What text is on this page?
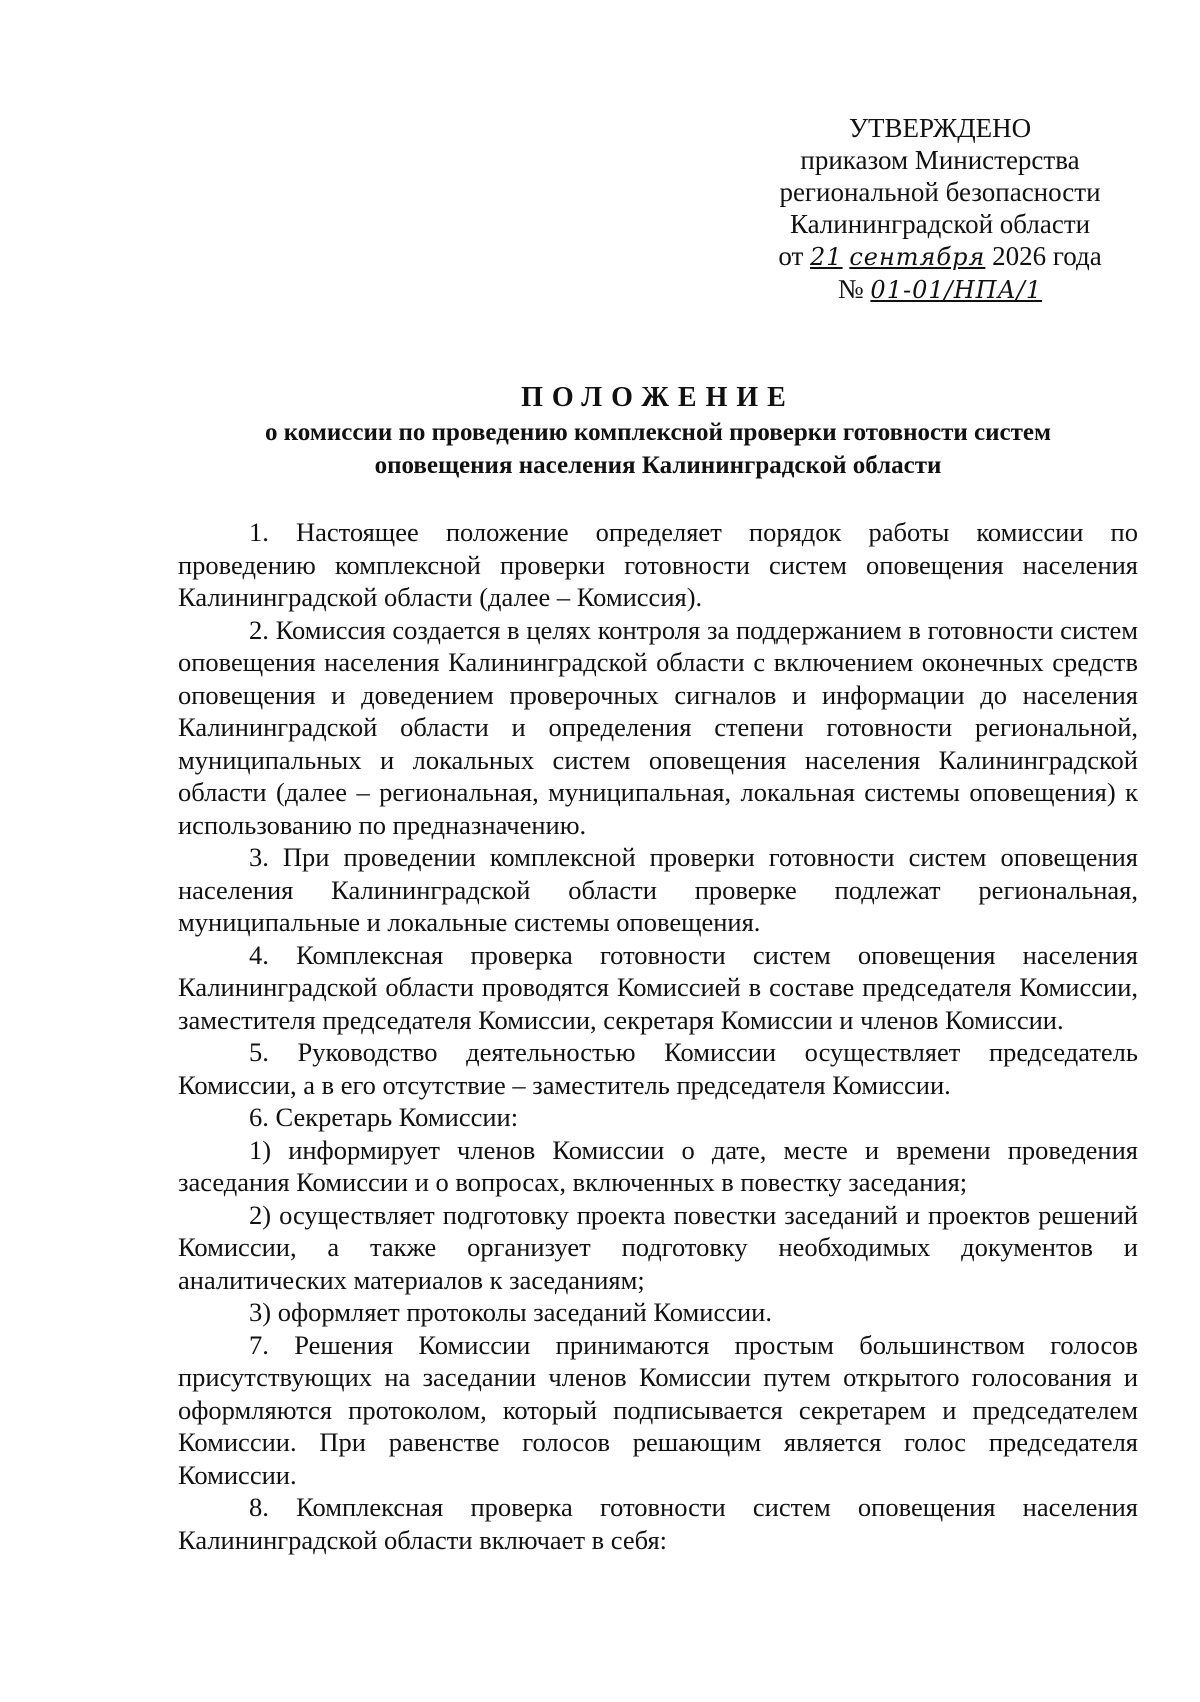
УТВЕРЖДЕНО
приказом Министерства
региональной безопасности
Калининградской области
от 21 сентября 2026 года
№ 01-01/НПА/1
ПОЛОЖЕНИЕ
о комиссии по проведению комплексной проверки готовности систем
оповещения населения Калининградской области

1. Настоящее положение определяет порядок работы комиссии по проведению комплексной проверки готовности систем оповещения населения Калининградской области (далее – Комиссия).

2. Комиссия создается в целях контроля за поддержанием в готовности систем оповещения населения Калининградской области с включением оконечных средств оповещения и доведением проверочных сигналов и информации до населения Калининградской области и определения степени готовности региональной, муниципальных и локальных систем оповещения населения Калининградской области (далее – региональная, муниципальная, локальная системы оповещения) к использованию по предназначению.

3. При проведении комплексной проверки готовности систем оповещения населения Калининградской области проверке подлежат региональная, муниципальные и локальные системы оповещения.

4. Комплексная проверка готовности систем оповещения населения Калининградской области проводятся Комиссией в составе председателя Комиссии, заместителя председателя Комиссии, секретаря Комиссии и членов Комиссии.

5. Руководство деятельностью Комиссии осуществляет председатель Комиссии, а в его отсутствие – заместитель председателя Комиссии.

6. Секретарь Комиссии:

1) информирует членов Комиссии о дате, месте и времени проведения заседания Комиссии и о вопросах, включенных в повестку заседания;

2) осуществляет подготовку проекта повестки заседаний и проектов решений Комиссии, а также организует подготовку необходимых документов и аналитических материалов к заседаниям;

3) оформляет протоколы заседаний Комиссии.

7. Решения Комиссии принимаются простым большинством голосов присутствующих на заседании членов Комиссии путем открытого голосования и оформляются протоколом, который подписывается секретарем и председателем Комиссии. При равенстве голосов решающим является голос председателя Комиссии.

8. Комплексная проверка готовности систем оповещения населения Калининградской области включает в себя:
